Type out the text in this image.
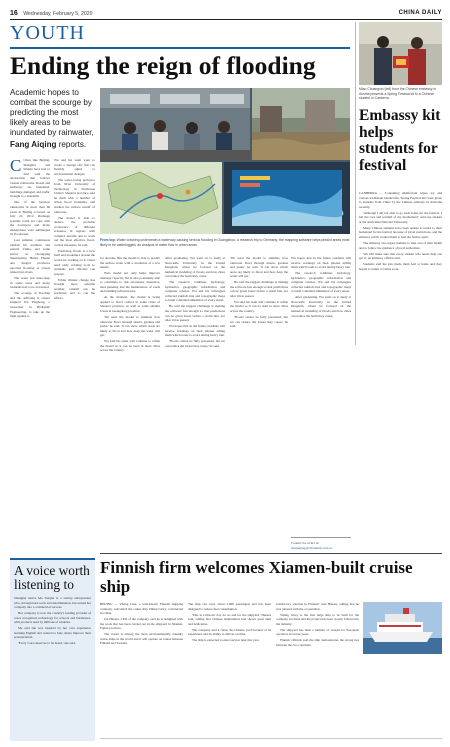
16 Wednesday, February 5, 2020	CHINA DAILY
YOUTH
Ending the reign of flooding
Academic hopes to combat the scourge by predicting the most likely areas to be inundated by rainwater,
Fang Aiqing reports.
From top: Water crashing underneath a waterway causing serious flooding in Guangzhou; a research trip to Germany; the mapping software helps predict areas most likely to be waterlogged; an analysis of water flow in urban areas.

C Cities like Beijing, Shanghai and Wuhan have had to deal with the devastation that follows violent rainstorms. Roads and pathways are inundated, buildings damaged and traffic brought to a standstill.

One of the heaviest rainstorms in more than 60 years in Beijing occurred on July 21, 2012. Drainage systems could not cope with the downpour and many underpasses were submerged by floodwater.

Last summer, continuous rainfall hit southern and eastern China, and some places in Chongqing municipality, Hubei, Hunan and Jiangxi provinces reported flooding as streets turned into rivers.

The water was knee-deep in some areas and many residents had to be evacuated.

The scourge of flooding and the suffering it causes inspired Wu Yinghong, a researcher in Hydraulic Engineering, to take up the fight against it.

Wu and his team want to create a 'sponge city' that can flexibly adjust to environmental changes.

The water-loving professor from Xi'an University of Technology in Northwest China's Shaanxi province said he dealt with a number of urban flood problems, and studied the surface runoff of rainwater.

The model is able to deduce the probable occurrence of different scenarios in regions with complex terrains and to work out the most effective flood-control measures, he said.

Predicting floods is a new field and academics around the world are working on it. Cities need early warning tools so residents and officials can prepare.

While climate change has brought more extreme weather, rainfall can be predicted, and so can the effects.

for decades. But the model is able to predict the surface water with a resolution of a few meters.

Wu's model not only helps improve drainage capacity, but is also potentially able to contribute to risk awareness, insurance, land planning and the maintenance of roads and building infrastructure.

At the moment, the model is being applied to flood control in some cities of Shaanxi province, as well as some smaller towns in Guangdong province.

'We used the model to simulate how rainwater flows through streets, gardens and parks,' he said. 'It can show which areas are likely to flood and how deep the water will get.'

Wu said his team will continue to refine the model so it can be used in more cities across the country.

After graduating, Wu went on to study at Newcastle University in the United Kingdom, where he focused on the numerical modeling of floods and how cities can reduce the harm they cause.

The research combines hydrology, hydraulics, geographic information and computer science. Wu and his colleagues collected rainfall data and topographic maps to build a detailed simulation of every street.

He said the biggest challenge is making the software fast enough so that predictions can be given hours before a storm hits, not after it has passed.

Wu hopes that in the future residents will receive warnings on their phones telling them which roads to avoid during heavy rain.

'Floods cannot be fully prevented, but we can reduce the losses they cause,' he said.

'We used the model to simulate how rainwater flows through streets, gardens and parks,' he said. 'It can show which areas are likely to flood and how deep the water will get.'

He said the biggest challenge is making the software fast enough so that predictions can be given hours before a storm hits, not after it has passed.

Wu said his team will continue to refine the model so it can be used in more cities across the country.

'Floods cannot be fully prevented, but we can reduce the losses they cause,' he said.

Wu hopes that in the future residents will receive warnings on their phones telling them which roads to avoid during heavy rain.

The research combines hydrology, hydraulics, geographic information and computer science. Wu and his colleagues collected rainfall data and topographic maps to build a detailed simulation of every street.

After graduating, Wu went on to study at Newcastle University in the United Kingdom, where he focused on the numerical modeling of floods and how cities can reduce the harm they cause.

Contact the writer at
fangaiqing@chinadaily.com.cn
Miao Chuangxin (left) from the Chinese embassy in Austria presents a Spring Festival kit to a Chinese student in Canberra.
Embassy kit helps students for festival

CANBERRA — Containing disinfectant wipes, toy and various traditional handicrafts, Spring Festival kits were given to students from China by the Chinese embassy in Australia recently.

'Although I am not able to go back home for the festival, I felt the care and warmth of my motherland,' said one student at the Australian National University.

Many Chinese students have been unable to return to their homeland for the festival because of travel restrictions, and the embassy said it wanted them to feel the festive spirit.

The embassy also urged students to take care of their health and to follow the guidance of local authorities.

'We will make sure that every student who needs help can get it,' an embassy official said.

Students said the kits made them feel at home and they hoped to return to China soon.

A voice worth listening to

Shanghai native Ma Tonglei is a startup entrepreneur who, through hard work and determination, has turned her company into a commercial success.

Her company is now the country's leading provider of voice recognition technology for schools and businesses, with products used by millions of students.

Ma said she was inspired by her own experience learning English and wanted to help others improve their pronunciation.

'Every voice deserves to be heard,' she said.

Finnish firm welcomes Xiamen-built cruise ship

BEIJING — Viking Line, a well-known Finnish shipping company, welcomed the cruise ship Viking Glory, constructed in China.

Jan Hanses, CEO of the company, said he is delighted with the work that has been carried out in the shipyard in Xiamen, Fujian province.

The vessel is among the most environmentally friendly cruise ships in the world and it will operate on routes between Finland and Sweden.

The ship can carry about 2,800 passengers and has been designed to reduce fuel consumption.

'This is a historic day for us and for the shipyard,' Hanses said, adding that Chinese shipbuilders had shown great skill and dedication.

The company said it chose the Chinese yard because of its experience and its ability to deliver on time.

The ship is expected to enter service later this year.

satisfactory solution in Finland,' said Hanses, adding that he was pleased with the cooperation.

Viking Glory is the first large ship to be built for the company in China and the project has been closely followed in the industry.

The shipyard has built a number of vessels for European operators in recent years.

Finnish officials said the ship demonstrates the strong ties between the two countries.
